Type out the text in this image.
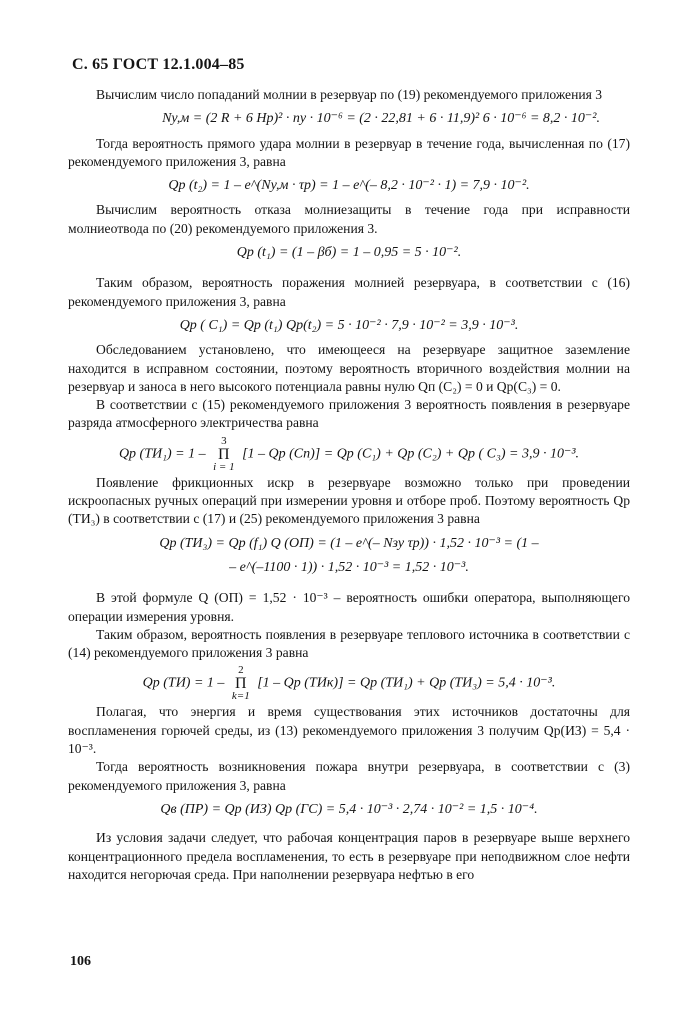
С. 65 ГОСТ 12.1.004–85

Вычислим число попаданий молнии в резервуар по (19) рекомендуемого приложения 3

Ny,м = (2 R + 6 Hр)² · ny · 10⁻⁶ = (2 · 22,81 + 6 · 11,9)² 6 · 10⁻⁶ = 8,2 · 10⁻².

Тогда вероятность прямого удара молнии в резервуар в течение года, вычисленная по (17) рекомендуемого приложения 3, равна

Qр (t₂) = 1 – e^(Ny,м · τр) = 1 – e^(– 8,2 · 10⁻² · 1) = 7,9 · 10⁻².

Вычислим вероятность отказа молниезащиты в течение года при исправности молниеотвода по (20) рекомендуемого приложения 3.

Qр (t₁) = (1 – βб) = 1 – 0,95 = 5 · 10⁻².

Таким образом, вероятность поражения молнией резервуара, в соответствии с (16) рекомендуемого приложения 3, равна

Qр ( C₁) = Qр (t₁) Qр(t₂) = 5 · 10⁻² · 7,9 · 10⁻² = 3,9 · 10⁻³.

Обследованием установлено, что имеющееся на резервуаре защитное заземление находится в исправном состоянии, поэтому вероятность вторичного воздействия молнии на резервуар и заноса в него высокого потенциала равны нулю Qп (C₂) = 0 и Qр(C₃) = 0.

В соответствии с (15) рекомендуемого приложения 3 вероятность появления в резервуаре разряда атмосферного электричества равна

Qр (ТИ₁) = 1 –
3
Π
i = 1
[1 – Qр (Cп)] = Qр (C₁) + Qр (C₂) + Qр ( C₃) = 3,9 · 10⁻³.

Появление фрикционных искр в резервуаре возможно только при проведении искроопасных ручных операций при измерении уровня и отборе проб. Поэтому вероятность Qр (ТИ₃) в соответствии с (17) и (25) рекомендуемого приложения 3 равна

Qр (ТИ₃) = Qр (f₁) Q (ОП) = (1 – e^(– Nзу τр)) · 1,52 · 10⁻³ = (1 –

– e^(–1100 · 1)) · 1,52 · 10⁻³ = 1,52 · 10⁻³.

В этой формуле Q (ОП) = 1,52 · 10⁻³ – вероятность ошибки оператора, выполняющего операции измерения уровня.

Таким образом, вероятность появления в резервуаре теплового источника в соответствии с (14) рекомендуемого приложения 3 равна

Qр (ТИ) = 1 –
2
Π
k=1
[1 – Qр (ТИк)] = Qр (ТИ₁) + Qр (ТИ₃) = 5,4 · 10⁻³.

Полагая, что энергия и время существования этих источников достаточны для воспламенения горючей среды, из (13) рекомендуемого приложения 3 получим Qр(ИЗ) = 5,4 · 10⁻³.

Тогда вероятность возникновения пожара внутри резервуара, в соответствии с (3) рекомендуемого приложения 3, равна

Qв (ПР) = Qр (ИЗ) Qр (ГС) = 5,4 · 10⁻³ · 2,74 · 10⁻² = 1,5 · 10⁻⁴.

Из условия задачи следует, что рабочая концентрация паров в резервуаре выше верхнего концентрационного предела воспламенения, то есть в резервуаре при неподвижном слое нефти находится негорючая среда. При наполнении резервуара нефтью в его

106
